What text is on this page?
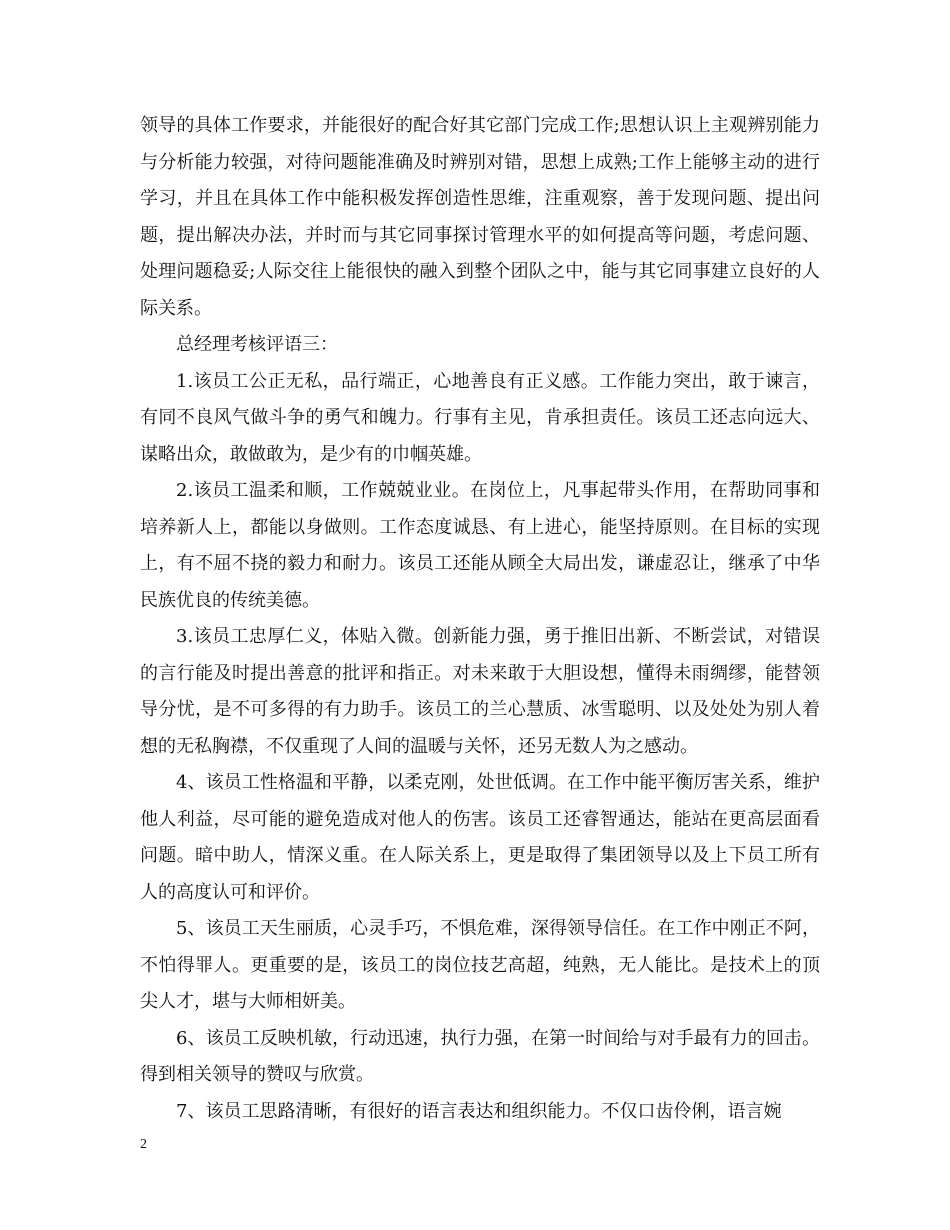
领导的具体工作要求，并能很好的配合好其它部门完成工作;思想认识上主观辨别能力与分析能力较强，对待问题能准确及时辨别对错，思想上成熟;工作上能够主动的进行学习，并且在具体工作中能积极发挥创造性思维，注重观察，善于发现问题、提出问题，提出解决办法，并时而与其它同事探讨管理水平的如何提高等问题，考虑问题、处理问题稳妥;人际交往上能很快的融入到整个团队之中，能与其它同事建立良好的人际关系。

总经理考核评语三：

1.该员工公正无私，品行端正，心地善良有正义感。工作能力突出，敢于谏言，有同不良风气做斗争的勇气和魄力。行事有主见，肯承担责任。该员工还志向远大、谋略出众，敢做敢为，是少有的巾帼英雄。

2.该员工温柔和顺，工作兢兢业业。在岗位上，凡事起带头作用，在帮助同事和培养新人上，都能以身做则。工作态度诚恳、有上进心，能坚持原则。在目标的实现上，有不屈不挠的毅力和耐力。该员工还能从顾全大局出发，谦虚忍让，继承了中华民族优良的传统美德。

3.该员工忠厚仁义，体贴入微。创新能力强，勇于推旧出新、不断尝试，对错误的言行能及时提出善意的批评和指正。对未来敢于大胆设想，懂得未雨绸缪，能替领导分忧，是不可多得的有力助手。该员工的兰心慧质、冰雪聪明、以及处处为别人着想的无私胸襟，不仅重现了人间的温暖与关怀，还另无数人为之感动。

4、该员工性格温和平静，以柔克刚，处世低调。在工作中能平衡厉害关系，维护他人利益，尽可能的避免造成对他人的伤害。该员工还睿智通达，能站在更高层面看问题。暗中助人，情深义重。在人际关系上，更是取得了集团领导以及上下员工所有人的高度认可和评价。

5、该员工天生丽质，心灵手巧，不惧危难，深得领导信任。在工作中刚正不阿，不怕得罪人。更重要的是，该员工的岗位技艺高超，纯熟，无人能比。是技术上的顶尖人才，堪与大师相妍美。

6、该员工反映机敏，行动迅速，执行力强，在第一时间给与对手最有力的回击。得到相关领导的赞叹与欣赏。

7、该员工思路清晰，有很好的语言表达和组织能力。不仅口齿伶俐，语言婉

2
